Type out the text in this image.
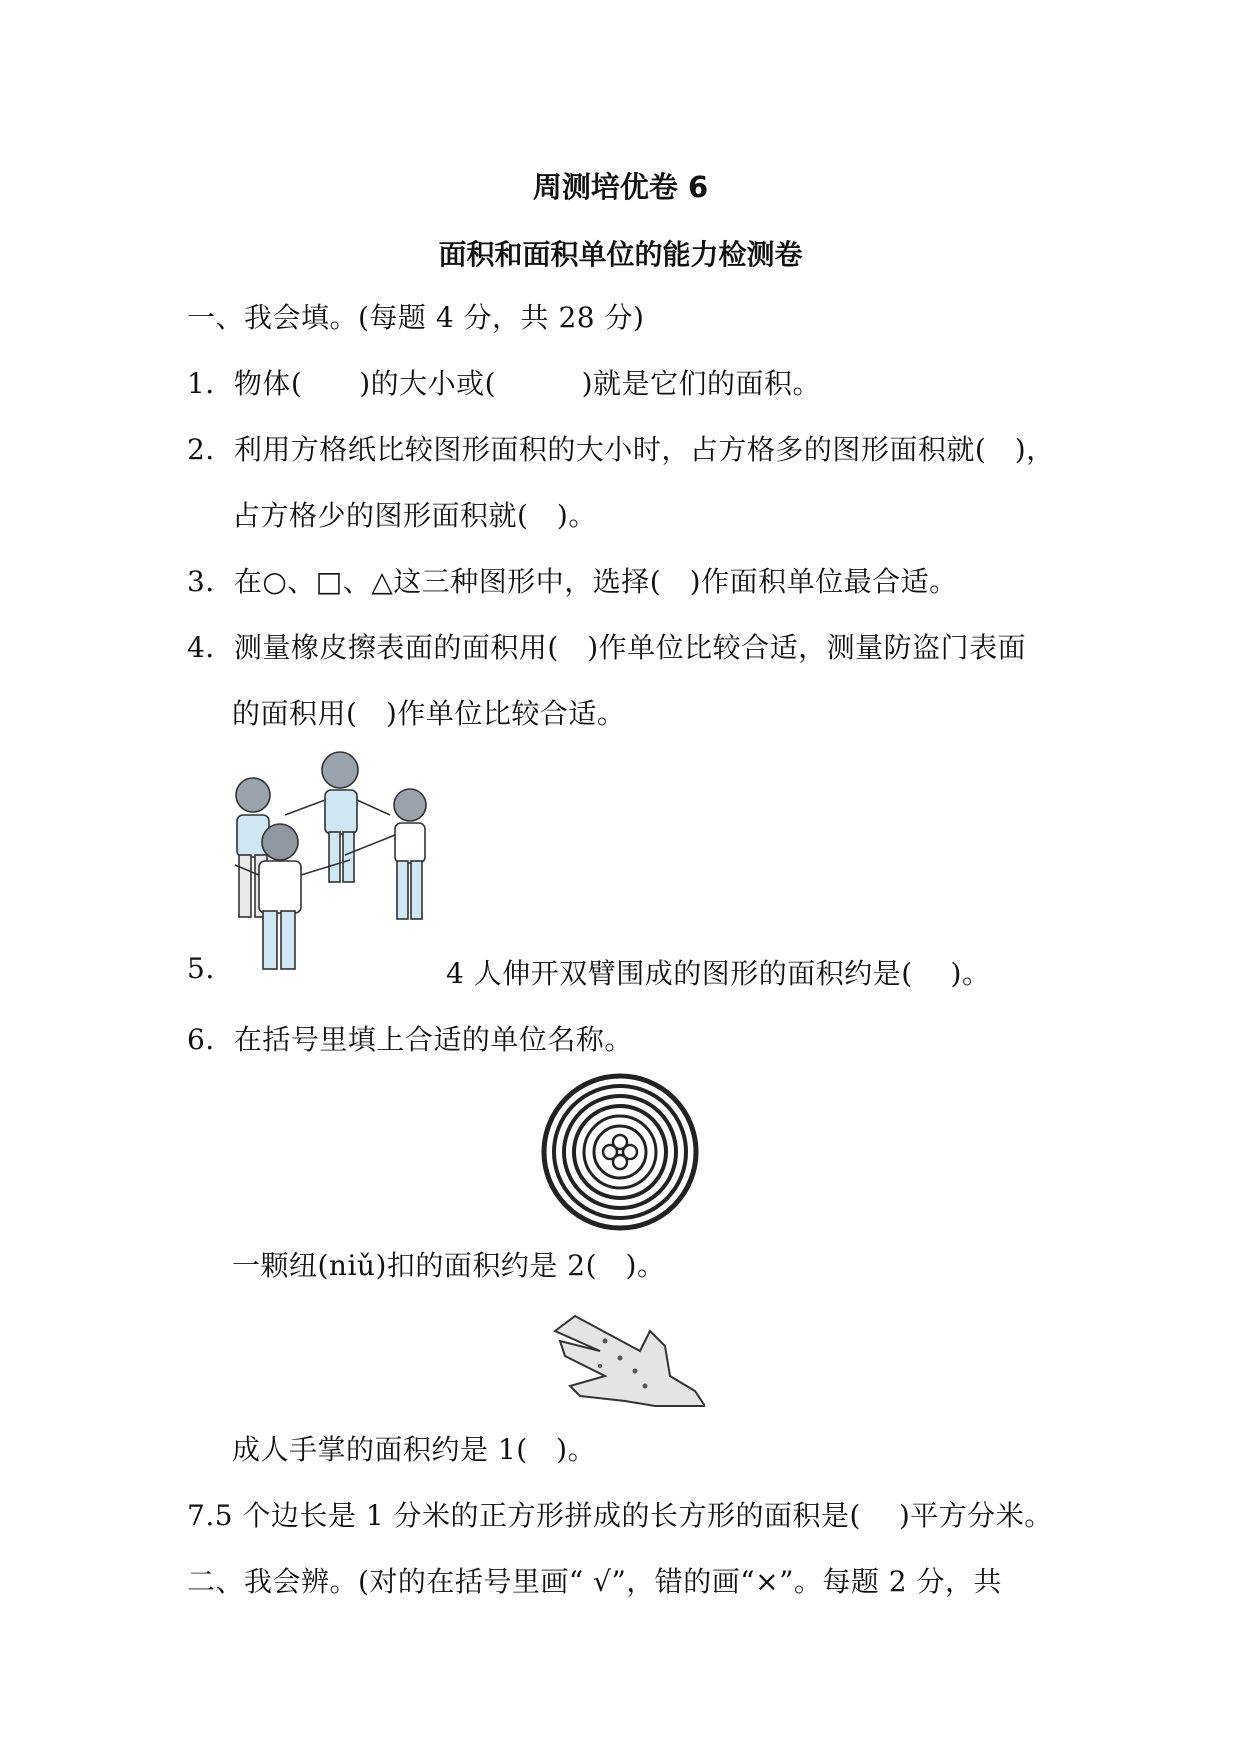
周测培优卷 6
面积和面积单位的能力检测卷
一、我会填。(每题 4 分，共 28 分)
1．物体(　　)的大小或(　　　)就是它们的面积。
2．利用方格纸比较图形面积的大小时，占方格多的图形面积就(　)，
占方格少的图形面积就(　)。
3．在○、□、△这三种图形中，选择(　)作面积单位最合适。
4．测量橡皮擦表面的面积用(　)作单位比较合适，测量防盗门表面
的面积用(　)作单位比较合适。
5.	4 人伸开双臂围成的图形的面积约是(　 )。
6．在括号里填上合适的单位名称。
一颗纽(niǔ)扣的面积约是 2(　)。
成人手掌的面积约是 1(　)。
7.5 个边长是 1 分米的正方形拼成的长方形的面积是(　 )平方分米。
二、我会辨。(对的在括号里画“ √”，错的画“×”。每题 2 分，共
